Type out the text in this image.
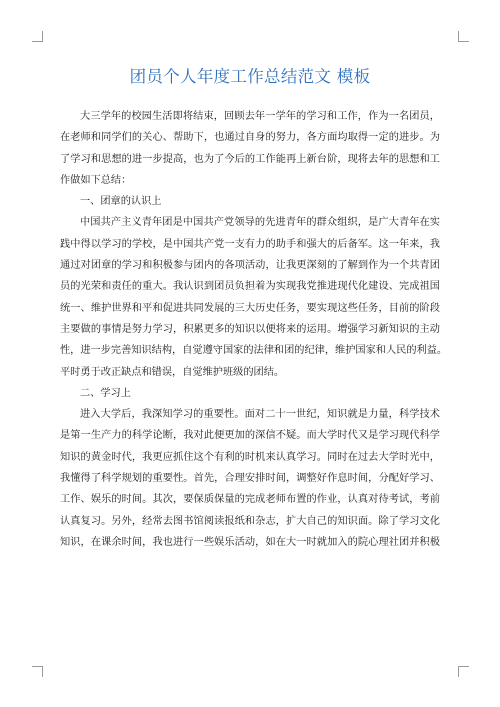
团员个人年度工作总结范文 模板
大三学年的校园生活即将结束，回顾去年一学年的学习和工作，作为一名团员，
在老师和同学们的关心、帮助下，也通过自身的努力，各方面均取得一定的进步。为
了学习和思想的进一步提高，也为了今后的工作能再上新台阶，现将去年的思想和工
作做如下总结：
一、团章的认识上
中国共产主义青年团是中国共产党领导的先进青年的群众组织，是广大青年在实
践中得以学习的学校，是中国共产党一支有力的助手和强大的后备军。这一年来，我
通过对团章的学习和积极参与团内的各项活动，让我更深刻的了解到作为一个共青团
员的光荣和责任的重大。我认识到团员负担着为实现我党推进现代化建设、完成祖国
统一、维护世界和平和促进共同发展的三大历史任务，要实现这些任务，目前的阶段
主要做的事情是努力学习，积累更多的知识以便将来的运用。增强学习新知识的主动
性，进一步完善知识结构，自觉遵守国家的法律和团的纪律，维护国家和人民的利益。
平时勇于改正缺点和错误，自觉维护班级的团结。
二、学习上
进入大学后，我深知学习的重要性。面对二十一世纪，知识就是力量，科学技术
是第一生产力的科学论断，我对此便更加的深信不疑。而大学时代又是学习现代科学
知识的黄金时代，我更应抓住这个有利的时机来认真学习。同时在过去大学时光中，
我懂得了科学规划的重要性。首先，合理安排时间，调整好作息时间，分配好学习、
工作、娱乐的时间。其次，要保质保量的完成老师布置的作业，认真对待考试，考前
认真复习。另外，经常去图书馆阅读报纸和杂志，扩大自己的知识面。除了学习文化
知识，在课余时间，我也进行一些娱乐活动，如在大一时就加入的院心理社团并积极
